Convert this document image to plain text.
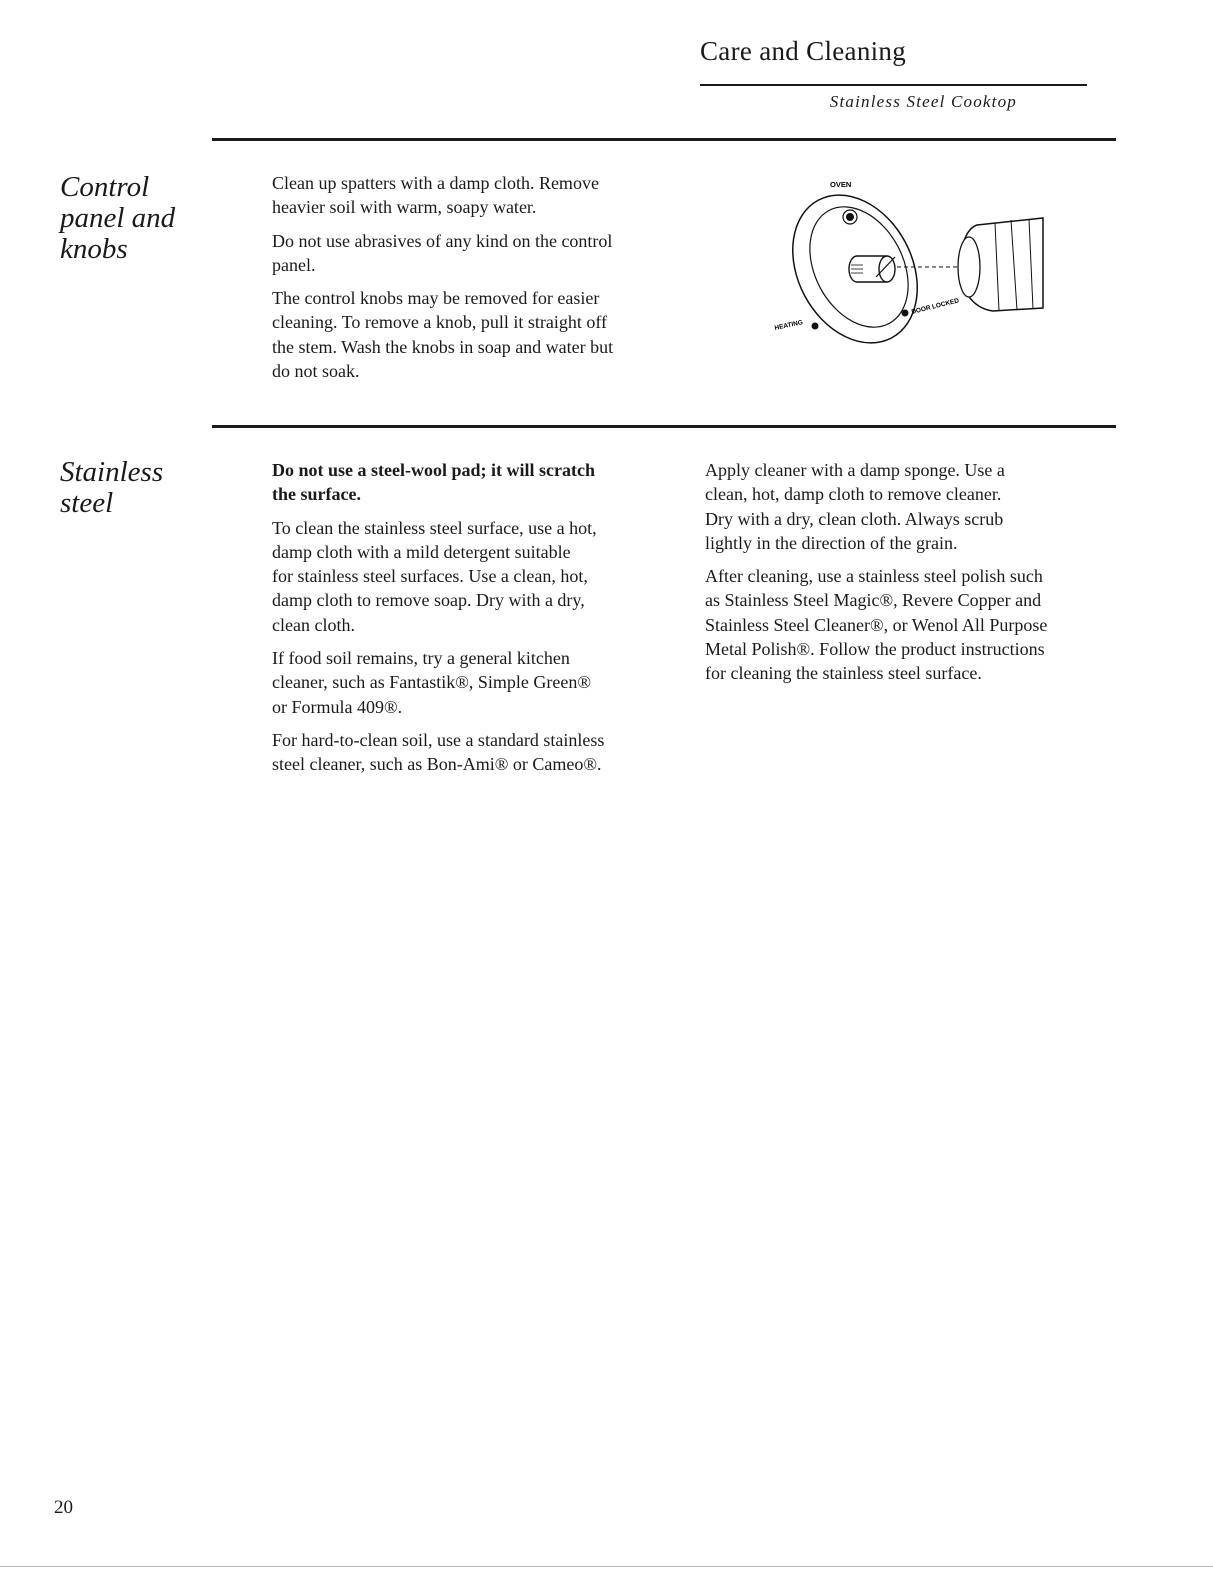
Care and Cleaning
Stainless Steel Cooktop
Control
panel and
knobs

Clean up spatters with a damp cloth. Remove
heavier soil with warm, soapy water.

Do not use abrasives of any kind on the control
panel.

The control knobs may be removed for easier
cleaning. To remove a knob, pull it straight off
the stem. Wash the knobs in soap and water but
do not soak.

OVEN
HEATING
DOOR LOCKED
Stainless
steel

Do not use a steel-wool pad; it will scratch
the surface.

To clean the stainless steel surface, use a hot,
damp cloth with a mild detergent suitable
for stainless steel surfaces. Use a clean, hot,
damp cloth to remove soap. Dry with a dry,
clean cloth.

If food soil remains, try a general kitchen
cleaner, such as Fantastik®, Simple Green®
or Formula 409®.

For hard-to-clean soil, use a standard stainless
steel cleaner, such as Bon-Ami® or Cameo®.

Apply cleaner with a damp sponge. Use a
clean, hot, damp cloth to remove cleaner.
Dry with a dry, clean cloth. Always scrub
lightly in the direction of the grain.

After cleaning, use a stainless steel polish such
as Stainless Steel Magic®, Revere Copper and
Stainless Steel Cleaner®, or Wenol All Purpose
Metal Polish®. Follow the product instructions
for cleaning the stainless steel surface.

20
